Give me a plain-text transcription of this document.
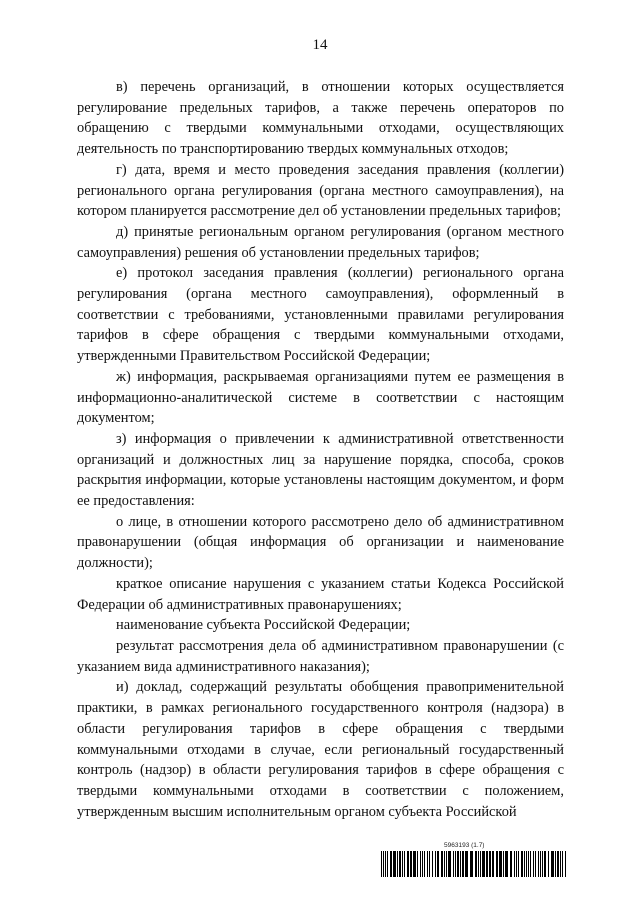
14

в) перечень организаций, в отношении которых осуществляется регулирование предельных тарифов, а также перечень операторов по обращению с твердыми коммунальными отходами, осуществляющих деятельность по транспортированию твердых коммунальных отходов;

г) дата, время и место проведения заседания правления (коллегии) регионального органа регулирования (органа местного самоуправления), на котором планируется рассмотрение дел об установлении предельных тарифов;

д) принятые региональным органом регулирования (органом местного самоуправления) решения об установлении предельных тарифов;

е) протокол заседания правления (коллегии) регионального органа регулирования (органа местного самоуправления), оформленный в соответствии с требованиями, установленными правилами регулирования тарифов в сфере обращения с твердыми коммунальными отходами, утвержденными Правительством Российской Федерации;

ж) информация, раскрываемая организациями путем ее размещения в информационно-аналитической системе в соответствии с настоящим документом;

з) информация о привлечении к административной ответственности организаций и должностных лиц за нарушение порядка, способа, сроков раскрытия информации, которые установлены настоящим документом, и форм ее предоставления:

о лице, в отношении которого рассмотрено дело об административном правонарушении (общая информация об организации и наименование должности);

краткое описание нарушения с указанием статьи Кодекса Российской Федерации об административных правонарушениях;

наименование субъекта Российской Федерации;

результат рассмотрения дела об административном правонарушении (с указанием вида административного наказания);

и) доклад, содержащий результаты обобщения правоприменительной практики, в рамках регионального государственного контроля (надзора) в области регулирования тарифов в сфере обращения с твердыми коммунальными отходами в случае, если региональный государственный контроль (надзор) в области регулирования тарифов в сфере обращения с твердыми коммунальными отходами в соответствии с положением, утвержденным высшим исполнительным органом субъекта Российской

5963193 (1.7)
